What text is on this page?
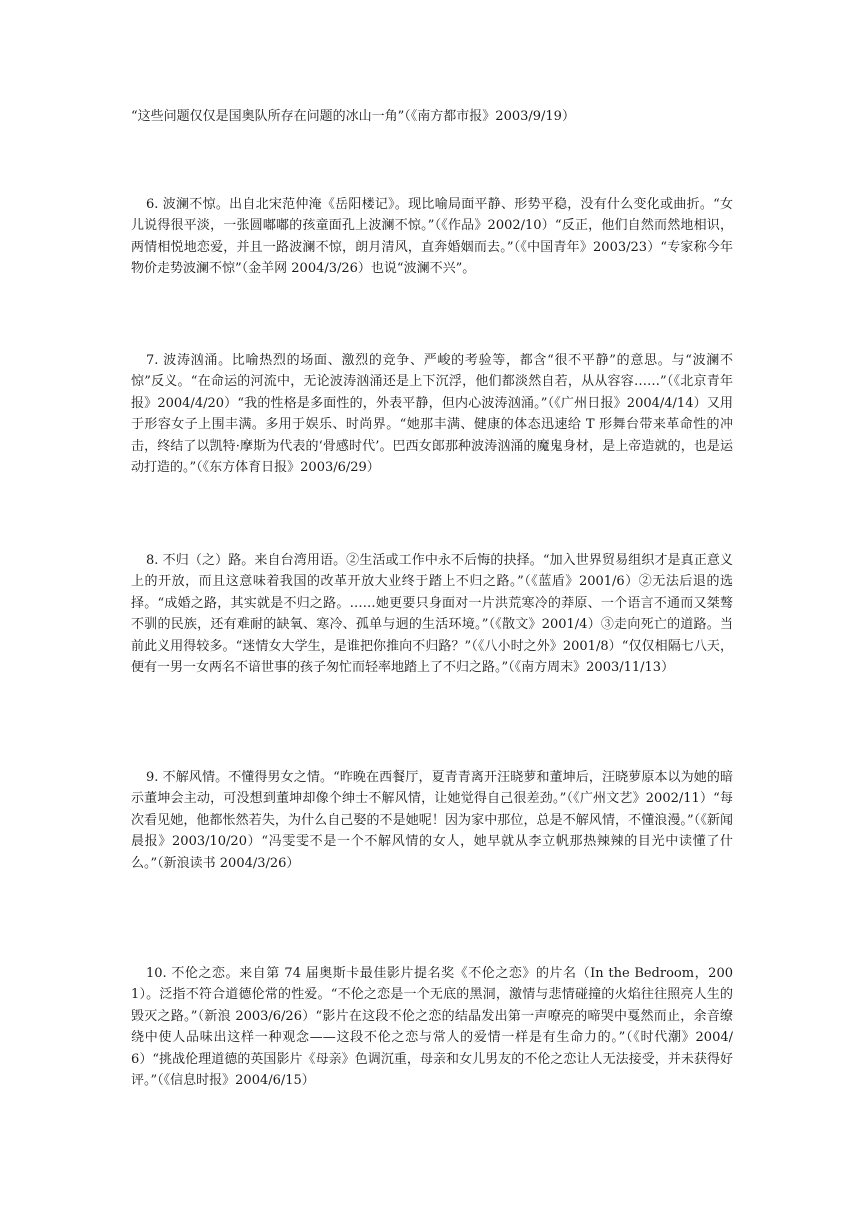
“这些问题仅仅是国奥队所存在问题的冰山一角”（《南方都市报》2003/9/19）

6. 波澜不惊。出自北宋范仲淹《岳阳楼记》。现比喻局面平静、形势平稳，没有什么变化或曲折。“女儿说得很平淡，一张圆嘟嘟的孩童面孔上波澜不惊。”（《作品》2002/10）“反正，他们自然而然地相识，两情相悦地恋爱，并且一路波澜不惊，朗月清风，直奔婚姻而去。”（《中国青年》2003/23）“专家称今年物价走势波澜不惊”（金羊网 2004/3/26）也说“波澜不兴”。

7. 波涛汹涌。比喻热烈的场面、激烈的竞争、严峻的考验等，都含“很不平静”的意思。与“波澜不惊”反义。“在命运的河流中，无论波涛汹涌还是上下沉浮，他们都淡然自若，从从容容……”（《北京青年报》2004/4/20）“我的性格是多面性的，外表平静，但内心波涛汹涌。”（《广州日报》2004/4/14）又用于形容女子上围丰满。多用于娱乐、时尚界。“她那丰满、健康的体态迅速给 T 形舞台带来革命性的冲击，终结了以凯特·摩斯为代表的‘骨感时代’。巴西女郎那种波涛汹涌的魔鬼身材，是上帝造就的，也是运动打造的。”（《东方体育日报》2003/6/29）

8. 不归（之）路。来自台湾用语。②生活或工作中永不后悔的抉择。“加入世界贸易组织才是真正意义上的开放，而且这意味着我国的改革开放大业终于踏上不归之路。”（《蓝盾》2001/6）②无法后退的选择。“成婚之路，其实就是不归之路。……她更要只身面对一片洪荒寒冷的莽原、一个语言不通而又桀骜不驯的民族，还有难耐的缺氧、寒冷、孤单与迥的生活环境。”（《散文》2001/4）③走向死亡的道路。当前此义用得较多。“迷情女大学生，是谁把你推向不归路？”（《八小时之外》2001/8）“仅仅相隔七八天，便有一男一女两名不谙世事的孩子匆忙而轻率地踏上了不归之路。”（《南方周末》2003/11/13）

9. 不解风情。不懂得男女之情。“昨晚在西餐厅，夏青青离开汪晓萝和董坤后，汪晓萝原本以为她的暗示董坤会主动，可没想到董坤却像个绅士不解风情，让她觉得自己很差劲。”（《广州文艺》2002/11）“每次看见她，他都怅然若失，为什么自己娶的不是她呢！因为家中那位，总是不解风情，不懂浪漫。”（《新闻晨报》2003/10/20）“冯雯雯不是一个不解风情的女人，她早就从李立帆那热辣辣的目光中读懂了什么。”（新浪读书 2004/3/26）

10. 不伦之恋。来自第 74 届奥斯卡最佳影片提名奖《不伦之恋》的片名（In the Bedroom，2001）。泛指不符合道德伦常的性爱。“不伦之恋是一个无底的黑洞，激情与悲情碰撞的火焰往往照亮人生的毁灭之路。”（新浪 2003/6/26）“影片在这段不伦之恋的结晶发出第一声嘹亮的啼哭中戛然而止，余音缭绕中使人品味出这样一种观念——这段不伦之恋与常人的爱情一样是有生命力的。”（《时代潮》2004/6）“挑战伦理道德的英国影片《母亲》色调沉重，母亲和女儿男友的不伦之恋让人无法接受，并未获得好评。”（《信息时报》2004/6/15）
